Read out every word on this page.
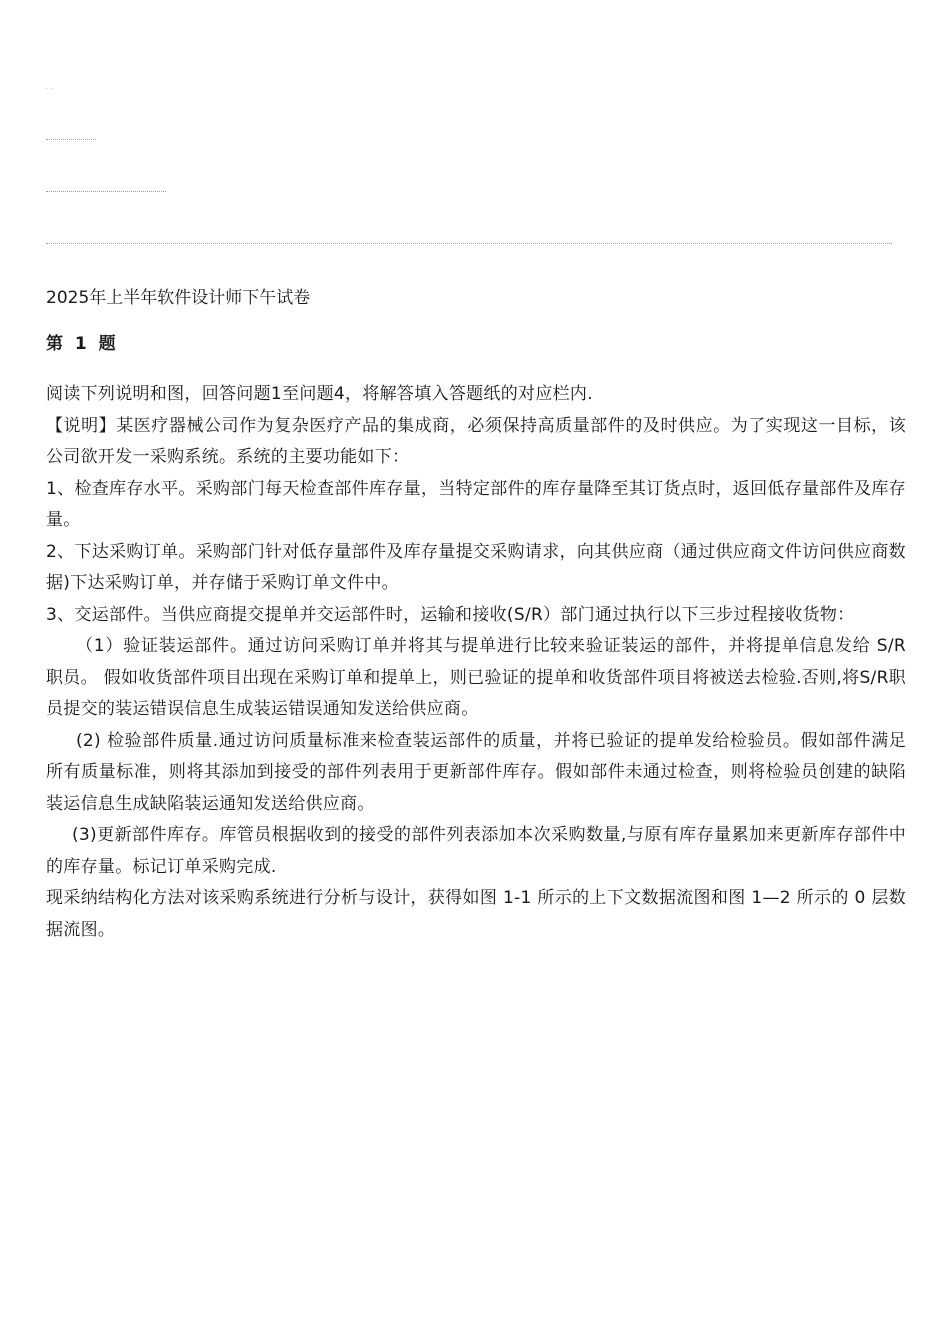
. .

2025年上半年软件设计师下午试卷

第 1 题

阅读下列说明和图，回答问题1至问题4，将解答填入答题纸的对应栏内.

【说明】某医疗器械公司作为复杂医疗产品的集成商，必须保持高质量部件的及时供应。为了实现这一目标，该公司欲开发一采购系统。系统的主要功能如下：

1、检查库存水平。采购部门每天检查部件库存量，当特定部件的库存量降至其订货点时，返回低存量部件及库存量。

2、下达采购订单。采购部门针对低存量部件及库存量提交采购请求，向其供应商（通过供应商文件访问供应商数据)下达采购订单，并存储于采购订单文件中。

3、交运部件。当供应商提交提单并交运部件时，运输和接收(S/R）部门通过执行以下三步过程接收货物：

（1）验证装运部件。通过访问采购订单并将其与提单进行比较来验证装运的部件，并将提单信息发给 S/R 职员。 假如收货部件项目出现在采购订单和提单上，则已验证的提单和收货部件项目将被送去检验.否则,将S/R职员提交的装运错误信息生成装运错误通知发送给供应商。

(2) 检验部件质量.通过访问质量标准来检查装运部件的质量，并将已验证的提单发给检验员。假如部件满足所有质量标准，则将其添加到接受的部件列表用于更新部件库存。假如部件未通过检查，则将检验员创建的缺陷装运信息生成缺陷装运通知发送给供应商。

(3)更新部件库存。库管员根据收到的接受的部件列表添加本次采购数量,与原有库存量累加来更新库存部件中的库存量。标记订单采购完成.

现采纳结构化方法对该采购系统进行分析与设计，获得如图 1-1 所示的上下文数据流图和图 1—2 所示的 0 层数据流图。
